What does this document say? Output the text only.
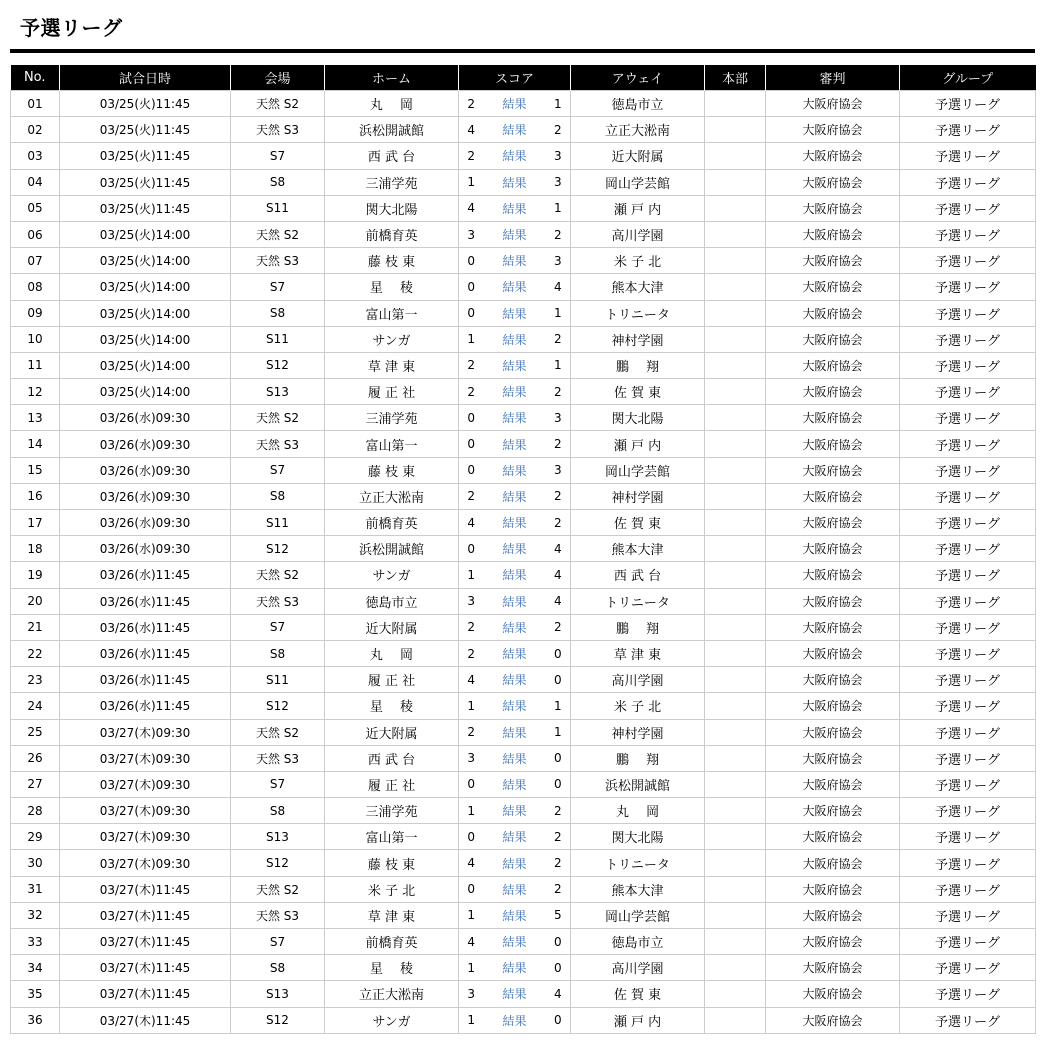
予選リーグ
No.	試合日時	会場	ホーム	スコア			アウェイ	本部	審判	グループ
01	03/25(火)11:45	天然 S2	丸　 岡	2	結果	1	徳島市立		大阪府協会	予選リーグ
02	03/25(火)11:45	天然 S3	浜松開誠館	4	結果	2	立正大淞南		大阪府協会	予選リーグ
03	03/25(火)11:45	S7	西 武 台	2	結果	3	近大附属		大阪府協会	予選リーグ
04	03/25(火)11:45	S8	三浦学苑	1	結果	3	岡山学芸館		大阪府協会	予選リーグ
05	03/25(火)11:45	S11	関大北陽	4	結果	1	瀬 戸 内		大阪府協会	予選リーグ
06	03/25(火)14:00	天然 S2	前橋育英	3	結果	2	高川学園		大阪府協会	予選リーグ
07	03/25(火)14:00	天然 S3	藤 枝 東	0	結果	3	米 子 北		大阪府協会	予選リーグ
08	03/25(火)14:00	S7	星　 稜	0	結果	4	熊本大津		大阪府協会	予選リーグ
09	03/25(火)14:00	S8	富山第一	0	結果	1	トリニータ		大阪府協会	予選リーグ
10	03/25(火)14:00	S11	サンガ	1	結果	2	神村学園		大阪府協会	予選リーグ
11	03/25(火)14:00	S12	草 津 東	2	結果	1	鵬　 翔		大阪府協会	予選リーグ
12	03/25(火)14:00	S13	履 正 社	2	結果	2	佐 賀 東		大阪府協会	予選リーグ
13	03/26(水)09:30	天然 S2	三浦学苑	0	結果	3	関大北陽		大阪府協会	予選リーグ
14	03/26(水)09:30	天然 S3	富山第一	0	結果	2	瀬 戸 内		大阪府協会	予選リーグ
15	03/26(水)09:30	S7	藤 枝 東	0	結果	3	岡山学芸館		大阪府協会	予選リーグ
16	03/26(水)09:30	S8	立正大淞南	2	結果	2	神村学園		大阪府協会	予選リーグ
17	03/26(水)09:30	S11	前橋育英	4	結果	2	佐 賀 東		大阪府協会	予選リーグ
18	03/26(水)09:30	S12	浜松開誠館	0	結果	4	熊本大津		大阪府協会	予選リーグ
19	03/26(水)11:45	天然 S2	サンガ	1	結果	4	西 武 台		大阪府協会	予選リーグ
20	03/26(水)11:45	天然 S3	徳島市立	3	結果	4	トリニータ		大阪府協会	予選リーグ
21	03/26(水)11:45	S7	近大附属	2	結果	2	鵬　 翔		大阪府協会	予選リーグ
22	03/26(水)11:45	S8	丸　 岡	2	結果	0	草 津 東		大阪府協会	予選リーグ
23	03/26(水)11:45	S11	履 正 社	4	結果	0	高川学園		大阪府協会	予選リーグ
24	03/26(水)11:45	S12	星　 稜	1	結果	1	米 子 北		大阪府協会	予選リーグ
25	03/27(木)09:30	天然 S2	近大附属	2	結果	1	神村学園		大阪府協会	予選リーグ
26	03/27(木)09:30	天然 S3	西 武 台	3	結果	0	鵬　 翔		大阪府協会	予選リーグ
27	03/27(木)09:30	S7	履 正 社	0	結果	0	浜松開誠館		大阪府協会	予選リーグ
28	03/27(木)09:30	S8	三浦学苑	1	結果	2	丸　 岡		大阪府協会	予選リーグ
29	03/27(木)09:30	S13	富山第一	0	結果	2	関大北陽		大阪府協会	予選リーグ
30	03/27(木)09:30	S12	藤 枝 東	4	結果	2	トリニータ		大阪府協会	予選リーグ
31	03/27(木)11:45	天然 S2	米 子 北	0	結果	2	熊本大津		大阪府協会	予選リーグ
32	03/27(木)11:45	天然 S3	草 津 東	1	結果	5	岡山学芸館		大阪府協会	予選リーグ
33	03/27(木)11:45	S7	前橋育英	4	結果	0	徳島市立		大阪府協会	予選リーグ
34	03/27(木)11:45	S8	星　 稜	1	結果	0	高川学園		大阪府協会	予選リーグ
35	03/27(木)11:45	S13	立正大淞南	3	結果	4	佐 賀 東		大阪府協会	予選リーグ
36	03/27(木)11:45	S12	サンガ	1	結果	0	瀬 戸 内		大阪府協会	予選リーグ
